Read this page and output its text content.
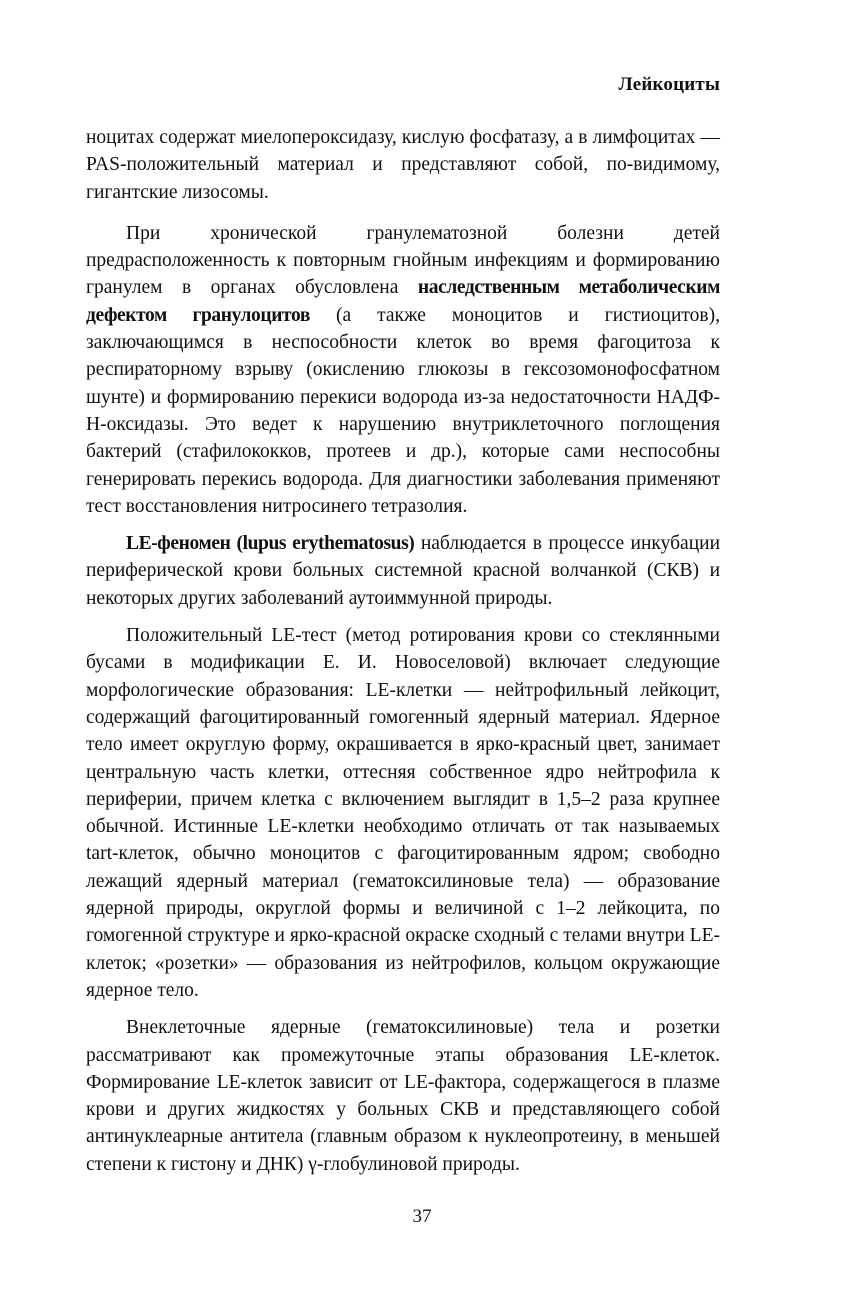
Лейкоциты

ноцитах содержат миелопероксидазу, кислую фосфатазу, а в лимфоцитах — PAS-положительный материал и представляют собой, по-видимому, гигантские лизосомы.

При хронической гранулематозной болезни детей предрасположенность к повторным гнойным инфекциям и формированию гранулем в органах обусловлена наследственным метаболическим дефектом гранулоцитов (а также моноцитов и гистиоцитов), заключающимся в неспособности клеток во время фагоцитоза к респираторному взрыву (окислению глюкозы в гексозомонофосфатном шунте) и формированию перекиси водорода из-за недостаточности НАДФ-Н-оксидазы. Это ведет к нарушению внутриклеточного поглощения бактерий (стафилококков, протеев и др.), которые сами неспособны генерировать перекись водорода. Для диагностики заболевания применяют тест восстановления нитросинего тетразолия.

LE-феномен (lupus erythematosus) наблюдается в процессе инкубации периферической крови больных системной красной волчанкой (СКВ) и некоторых других заболеваний аутоиммунной природы.

Положительный LE-тест (метод ротирования крови со стеклянными бусами в модификации Е. И. Новоселовой) включает следующие морфологические образования: LE-клетки — нейтрофильный лейкоцит, содержащий фагоцитированный гомогенный ядерный материал. Ядерное тело имеет округлую форму, окрашивается в ярко-красный цвет, занимает центральную часть клетки, оттесняя собственное ядро нейтрофила к периферии, причем клетка с включением выглядит в 1,5–2 раза крупнее обычной. Истинные LE-клетки необходимо отличать от так называемых tart-клеток, обычно моноцитов с фагоцитированным ядром; свободно лежащий ядерный материал (гематоксилиновые тела) — образование ядерной природы, округлой формы и величиной с 1–2 лейкоцита, по гомогенной структуре и ярко-красной окраске сходный с телами внутри LE-клеток; «розетки» — образования из нейтрофилов, кольцом окружающие ядерное тело.

Внеклеточные ядерные (гематоксилиновые) тела и розетки рассматривают как промежуточные этапы образования LE-клеток. Формирование LE-клеток зависит от LE-фактора, содержащегося в плазме крови и других жидкостях у больных СКВ и представляющего собой антинуклеарные антитела (главным образом к нуклеопротеину, в меньшей степени к гистону и ДНК) γ-глобулиновой природы.

37
